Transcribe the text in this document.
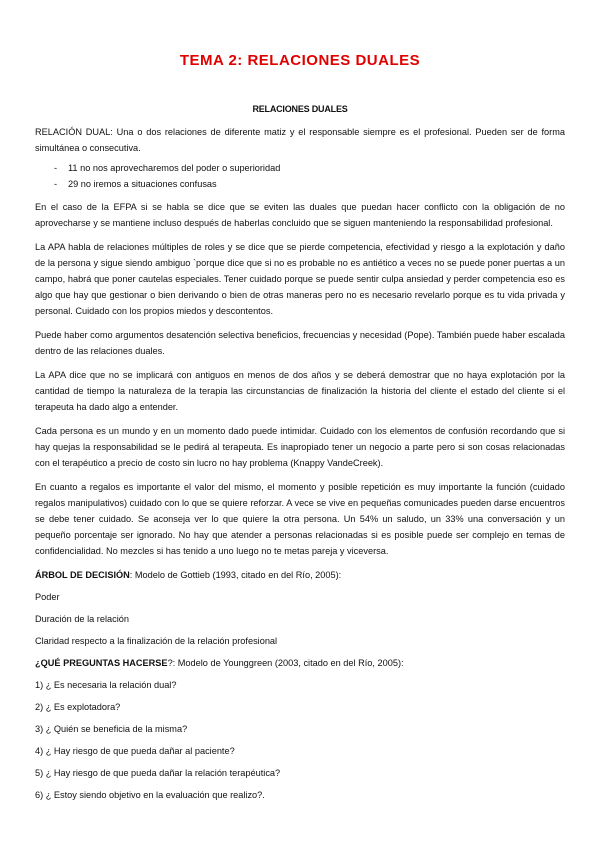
TEMA 2: RELACIONES DUALES
RELACIONES DUALES

RELACIÓN DUAL: Una o dos relaciones de diferente matiz y el responsable siempre es el profesional. Pueden ser de forma simultánea o consecutiva.

-	11 no nos aprovecharemos del poder o superioridad
-	29 no iremos a situaciones confusas

En el caso de la EFPA si se habla se dice que se eviten las duales que puedan hacer conflicto con la obligación de no aprovecharse y se mantiene incluso después de haberlas concluido que se siguen manteniendo la responsabilidad profesional.

La APA habla de relaciones múltiples de roles y se dice que se pierde competencia, efectividad y riesgo a la explotación y daño de la persona y sigue siendo ambiguo `porque dice que si no es probable no es antiético a veces no se puede poner puertas a un campo, habrá que poner cautelas especiales. Tener cuidado porque se puede sentir culpa ansiedad y perder competencia eso es algo que hay que gestionar o bien derivando o bien de otras maneras pero no es necesario revelarlo porque es tu vida privada y personal. Cuidado con los propios miedos y descontentos.

Puede haber como argumentos desatención selectiva beneficios, frecuencias y necesidad (Pope). También puede haber escalada dentro de las relaciones duales.

La APA dice que no se implicará con antiguos en menos de dos años y se deberá demostrar que no haya explotación por la cantidad de tiempo la naturaleza de la terapia las circunstancias de finalización la historia del cliente el estado del cliente si el terapeuta ha dado algo a entender.

Cada persona es un mundo y en un momento dado puede intimidar. Cuidado con los elementos de confusión recordando que si hay quejas la responsabilidad se le pedirá al terapeuta. Es inapropiado tener un negocio a parte pero si son cosas relacionadas con el terapéutico a precio de costo sin lucro no hay problema (Knappy VandeCreek).

En cuanto a regalos es importante el valor del mismo, el momento y posible repetición es muy importante la función (cuidado regalos manipulativos) cuidado con lo que se quiere reforzar. A vece se vive en pequeñas comunicades pueden darse encuentros se debe tener cuidado. Se aconseja ver lo que quiere la otra persona. Un 54% un saludo, un 33% una conversación y un pequeño porcentaje ser ignorado. No hay que atender a personas relacionadas si es posible puede ser complejo en temas de confidencialidad. No mezcles si has tenido a uno luego no te metas pareja y viceversa.

ÁRBOL DE DECISIÓN: Modelo de Gottieb (1993, citado en del Río, 2005):
Poder
Duración de la relación
Claridad respecto a la finalización de la relación profesional
¿QUÉ PREGUNTAS HACERSE?: Modelo de Younggreen (2003, citado en del Río, 2005):
1) ¿ Es necesaria la relación dual?
2) ¿ Es explotadora?
3) ¿ Quién se beneficia de la misma?
4) ¿ Hay riesgo de que pueda dañar al paciente?
5) ¿ Hay riesgo de que pueda dañar la relación terapéutica?
6) ¿ Estoy siendo objetivo en la evaluación que realizo?.
